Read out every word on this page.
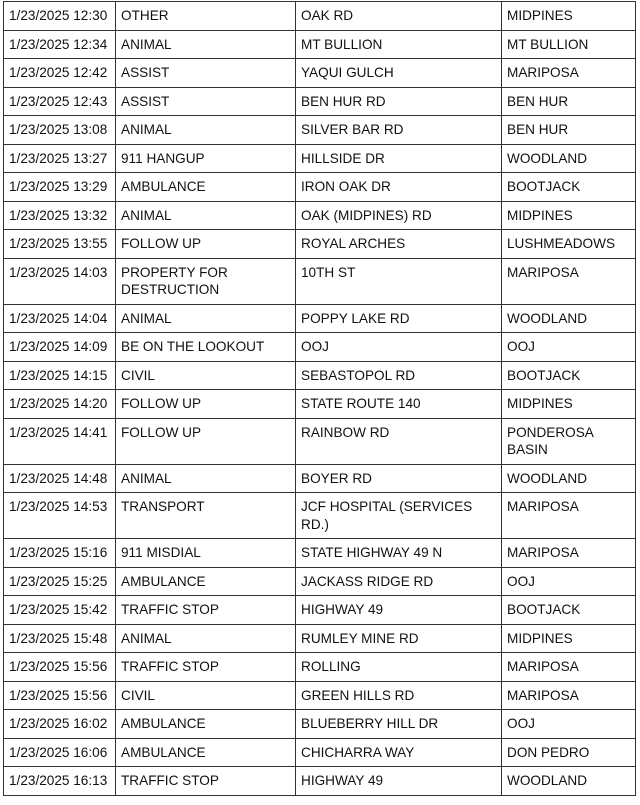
1/23/2025 12:30	OTHER	OAK RD	MIDPINES
1/23/2025 12:34	ANIMAL	MT BULLION	MT BULLION
1/23/2025 12:42	ASSIST	YAQUI GULCH	MARIPOSA
1/23/2025 12:43	ASSIST	BEN HUR RD	BEN HUR
1/23/2025 13:08	ANIMAL	SILVER BAR RD	BEN HUR
1/23/2025 13:27	911 HANGUP	HILLSIDE DR	WOODLAND
1/23/2025 13:29	AMBULANCE	IRON OAK DR	BOOTJACK
1/23/2025 13:32	ANIMAL	OAK (MIDPINES) RD	MIDPINES
1/23/2025 13:55	FOLLOW UP	ROYAL ARCHES	LUSHMEADOWS
1/23/2025 14:03	PROPERTY FOR DESTRUCTION	10TH ST	MARIPOSA
1/23/2025 14:04	ANIMAL	POPPY LAKE RD	WOODLAND
1/23/2025 14:09	BE ON THE LOOKOUT	OOJ	OOJ
1/23/2025 14:15	CIVIL	SEBASTOPOL RD	BOOTJACK
1/23/2025 14:20	FOLLOW UP	STATE ROUTE 140	MIDPINES
1/23/2025 14:41	FOLLOW UP	RAINBOW RD	PONDEROSA BASIN
1/23/2025 14:48	ANIMAL	BOYER RD	WOODLAND
1/23/2025 14:53	TRANSPORT	JCF HOSPITAL (SERVICES RD.)	MARIPOSA
1/23/2025 15:16	911 MISDIAL	STATE HIGHWAY 49 N	MARIPOSA
1/23/2025 15:25	AMBULANCE	JACKASS RIDGE RD	OOJ
1/23/2025 15:42	TRAFFIC STOP	HIGHWAY 49	BOOTJACK
1/23/2025 15:48	ANIMAL	RUMLEY MINE RD	MIDPINES
1/23/2025 15:56	TRAFFIC STOP	ROLLING	MARIPOSA
1/23/2025 15:56	CIVIL	GREEN HILLS RD	MARIPOSA
1/23/2025 16:02	AMBULANCE	BLUEBERRY HILL DR	OOJ
1/23/2025 16:06	AMBULANCE	CHICHARRA WAY	DON PEDRO
1/23/2025 16:13	TRAFFIC STOP	HIGHWAY 49	WOODLAND
